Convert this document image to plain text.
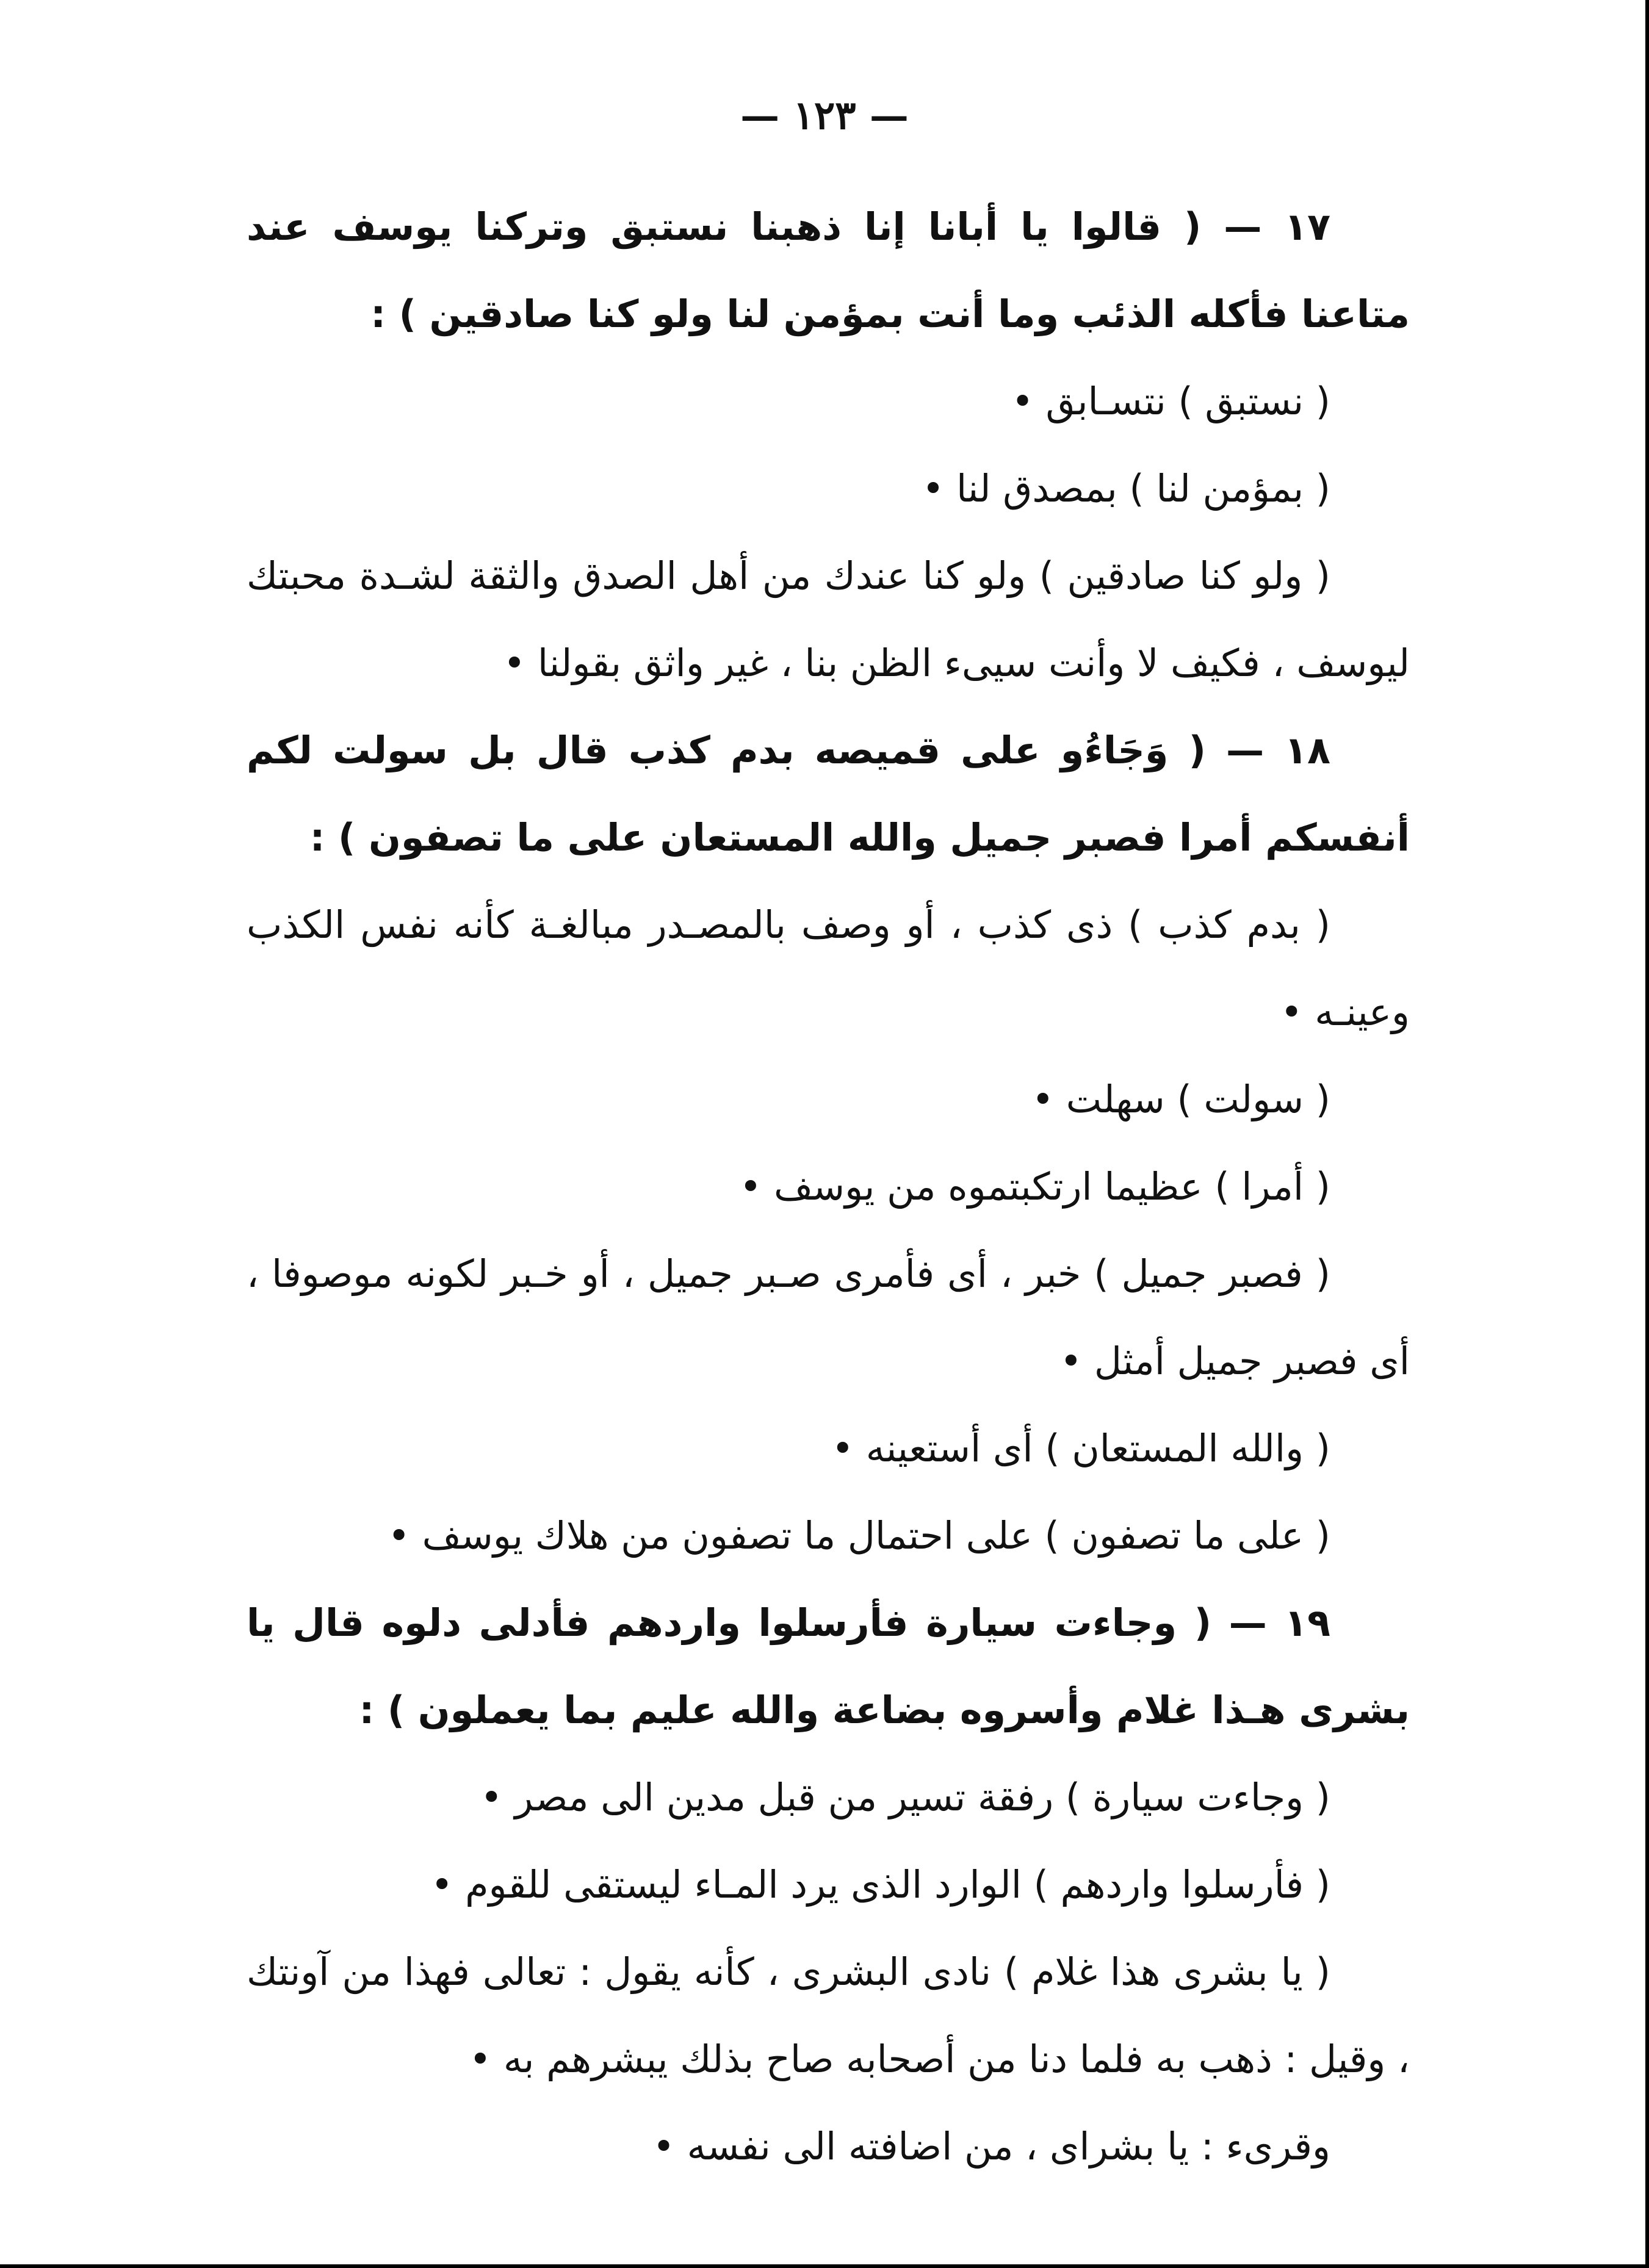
— ١٢٣ —

١٧ — ( قالوا يا أبانا إنا ذهبنا نستبق وتركنا يوسف عند متاعنا فأكله الذئب وما أنت بمؤمن لنا ولو كنا صادقين ) :

( نستبق ) نتسـابق •

( بمؤمن لنا ) بمصدق لنا •

( ولو كنا صادقين ) ولو كنا عندك من أهل الصدق والثقة لشـدة محبتك ليوسف ، فكيف لا وأنت سيىء الظن بنا ، غير واثق بقولنا •

١٨ — ( وَجَاءُو على قميصه بدم كذب قال بل سولت لكم أنفسكم أمرا فصبر جميل والله المستعان على ما تصفون ) :

( بدم كذب ) ذى كذب ، أو وصف بالمصـدر مبالغـة كأنه نفس الكذب وعينـه •

( سولت ) سهلت •

( أمرا ) عظيما ارتكبتموه من يوسف •

( فصبر جميل ) خبر ، أى فأمرى صـبر جميل ، أو خـبر لكونه موصوفا ، أى فصبر جميل أمثل •

( والله المستعان ) أى أستعينه •

( على ما تصفون ) على احتمال ما تصفون من هلاك يوسف •

١٩ — ( وجاءت سيارة فأرسلوا واردهم فأدلى دلوه قال يا بشرى هـذا غلام وأسروه بضاعة والله عليم بما يعملون ) :

( وجاءت سيارة ) رفقة تسير من قبل مدين الى مصر •

( فأرسلوا واردهم ) الوارد الذى يرد المـاء ليستقى للقوم •

( يا بشرى هذا غلام ) نادى البشرى ، كأنه يقول : تعالى فهذا من آونتك ، وقيل : ذهب به فلما دنا من أصحابه صاح بذلك يبشرهم به •

وقرىء : يا بشراى ، من اضافته الى نفسه •
